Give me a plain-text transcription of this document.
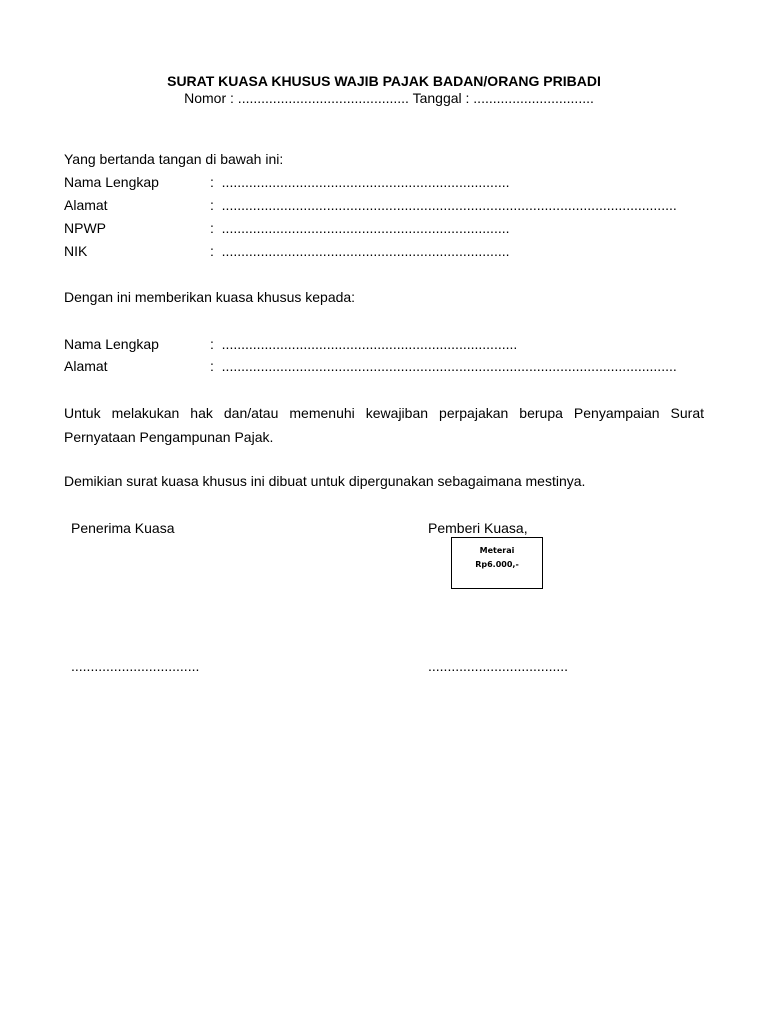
SURAT KUASA KHUSUS WAJIB PAJAK BADAN/ORANG PRIBADI
Nomor : ............................................ Tanggal : ...............................
Yang bertanda tangan di bawah ini:
Nama Lengkap	:  ..........................................................................
Alamat	:  .....................................................................................................................
NPWP	:  ..........................................................................
NIK	:  ..........................................................................
Dengan ini memberikan kuasa khusus kepada:
Nama Lengkap	:  ............................................................................
Alamat	:  .....................................................................................................................
Untuk melakukan hak dan/atau memenuhi kewajiban perpajakan berupa Penyampaian Surat Pernyataan Pengampunan Pajak.
Demikian surat kuasa khusus ini dibuat untuk dipergunakan sebagaimana mestinya.
Penerima Kuasa	Pemberi Kuasa,
Meterai
Rp6.000,-
.................................	....................................
